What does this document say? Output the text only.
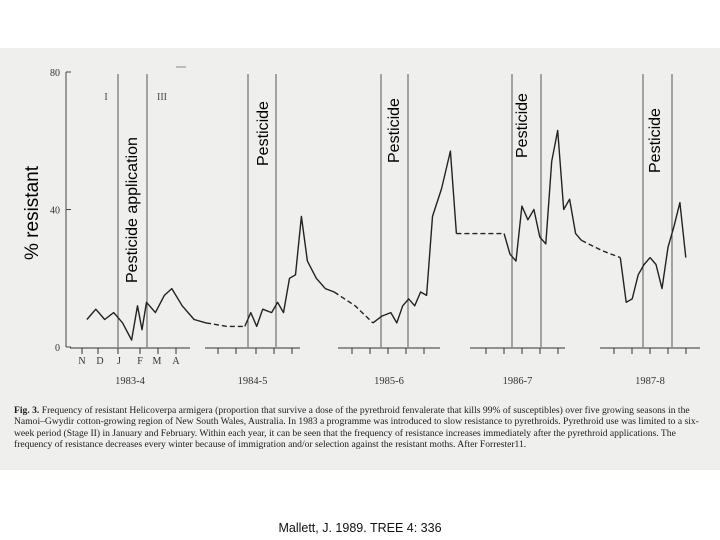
0
40
80
1983-4	1984-5	1985-6	1986-7	1987-8
N D J F M A
I	III
% resistant	Pesticide application
Pesticide	Pesticide	Pesticide	Pesticide

Fig. 3. Frequency of resistant Helicoverpa armigera (proportion that survive a dose of the pyrethroid fenvalerate that kills 99% of susceptibles) over five growing seasons in the Namoi–Gwydir cotton-growing region of New South Wales, Australia. In 1983 a programme was introduced to slow resistance to pyrethroids. Pyrethroid use was limited to a six-week period (Stage II) in January and February. Within each year, it can be seen that the frequency of resistance increases immediately after the pyrethroid applications. The frequency of resistance decreases every winter because of immigration and/or selection against the resistant moths. After Forrester11.

Mallett, J. 1989. TREE 4: 336
